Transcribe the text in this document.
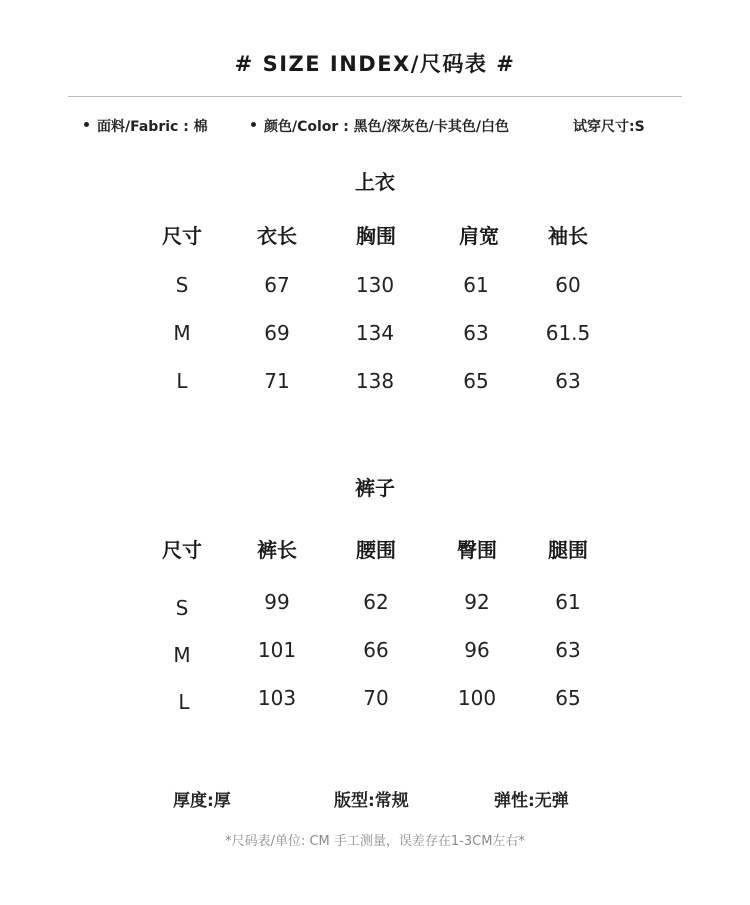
# SIZE INDEX/尺码表 #
面料/Fabric : 棉	颜色/Color : 黑色/深灰色/卡其色/白色	试穿尺寸:S
上衣
尺寸	衣长	胸围	肩宽	袖长
S	67	130	61	60
M	69	134	63	61.5
L	71	138	65	63
裤子
尺寸	裤长	腰围	臀围	腿围
S	99	62	92	61
M	101	66	96	63
L	103	70	100	65
厚度:厚	版型:常规	弹性:无弹
*尺码表/单位: CM 手工测量，误差存在1-3CM左右*
